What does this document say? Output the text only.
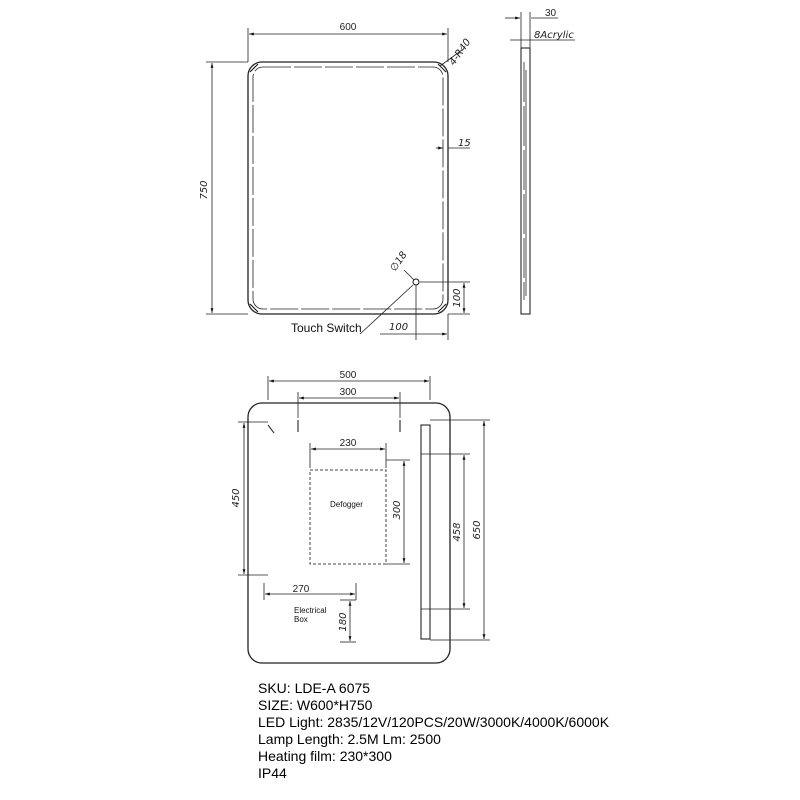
600
4-R40
750
15
∅18
100
100
Touch Switch
30
8Acrylic
500
300
Defogger
230
300
450
270
180
Electrical
Box
458 650
SKU: LDE-A 6075
SIZE: W600*H750
LED Light: 2835/12V/120PCS/20W/3000K/4000K/6000K
Lamp Length: 2.5M Lm: 2500
Heating film: 230*300
IP44
